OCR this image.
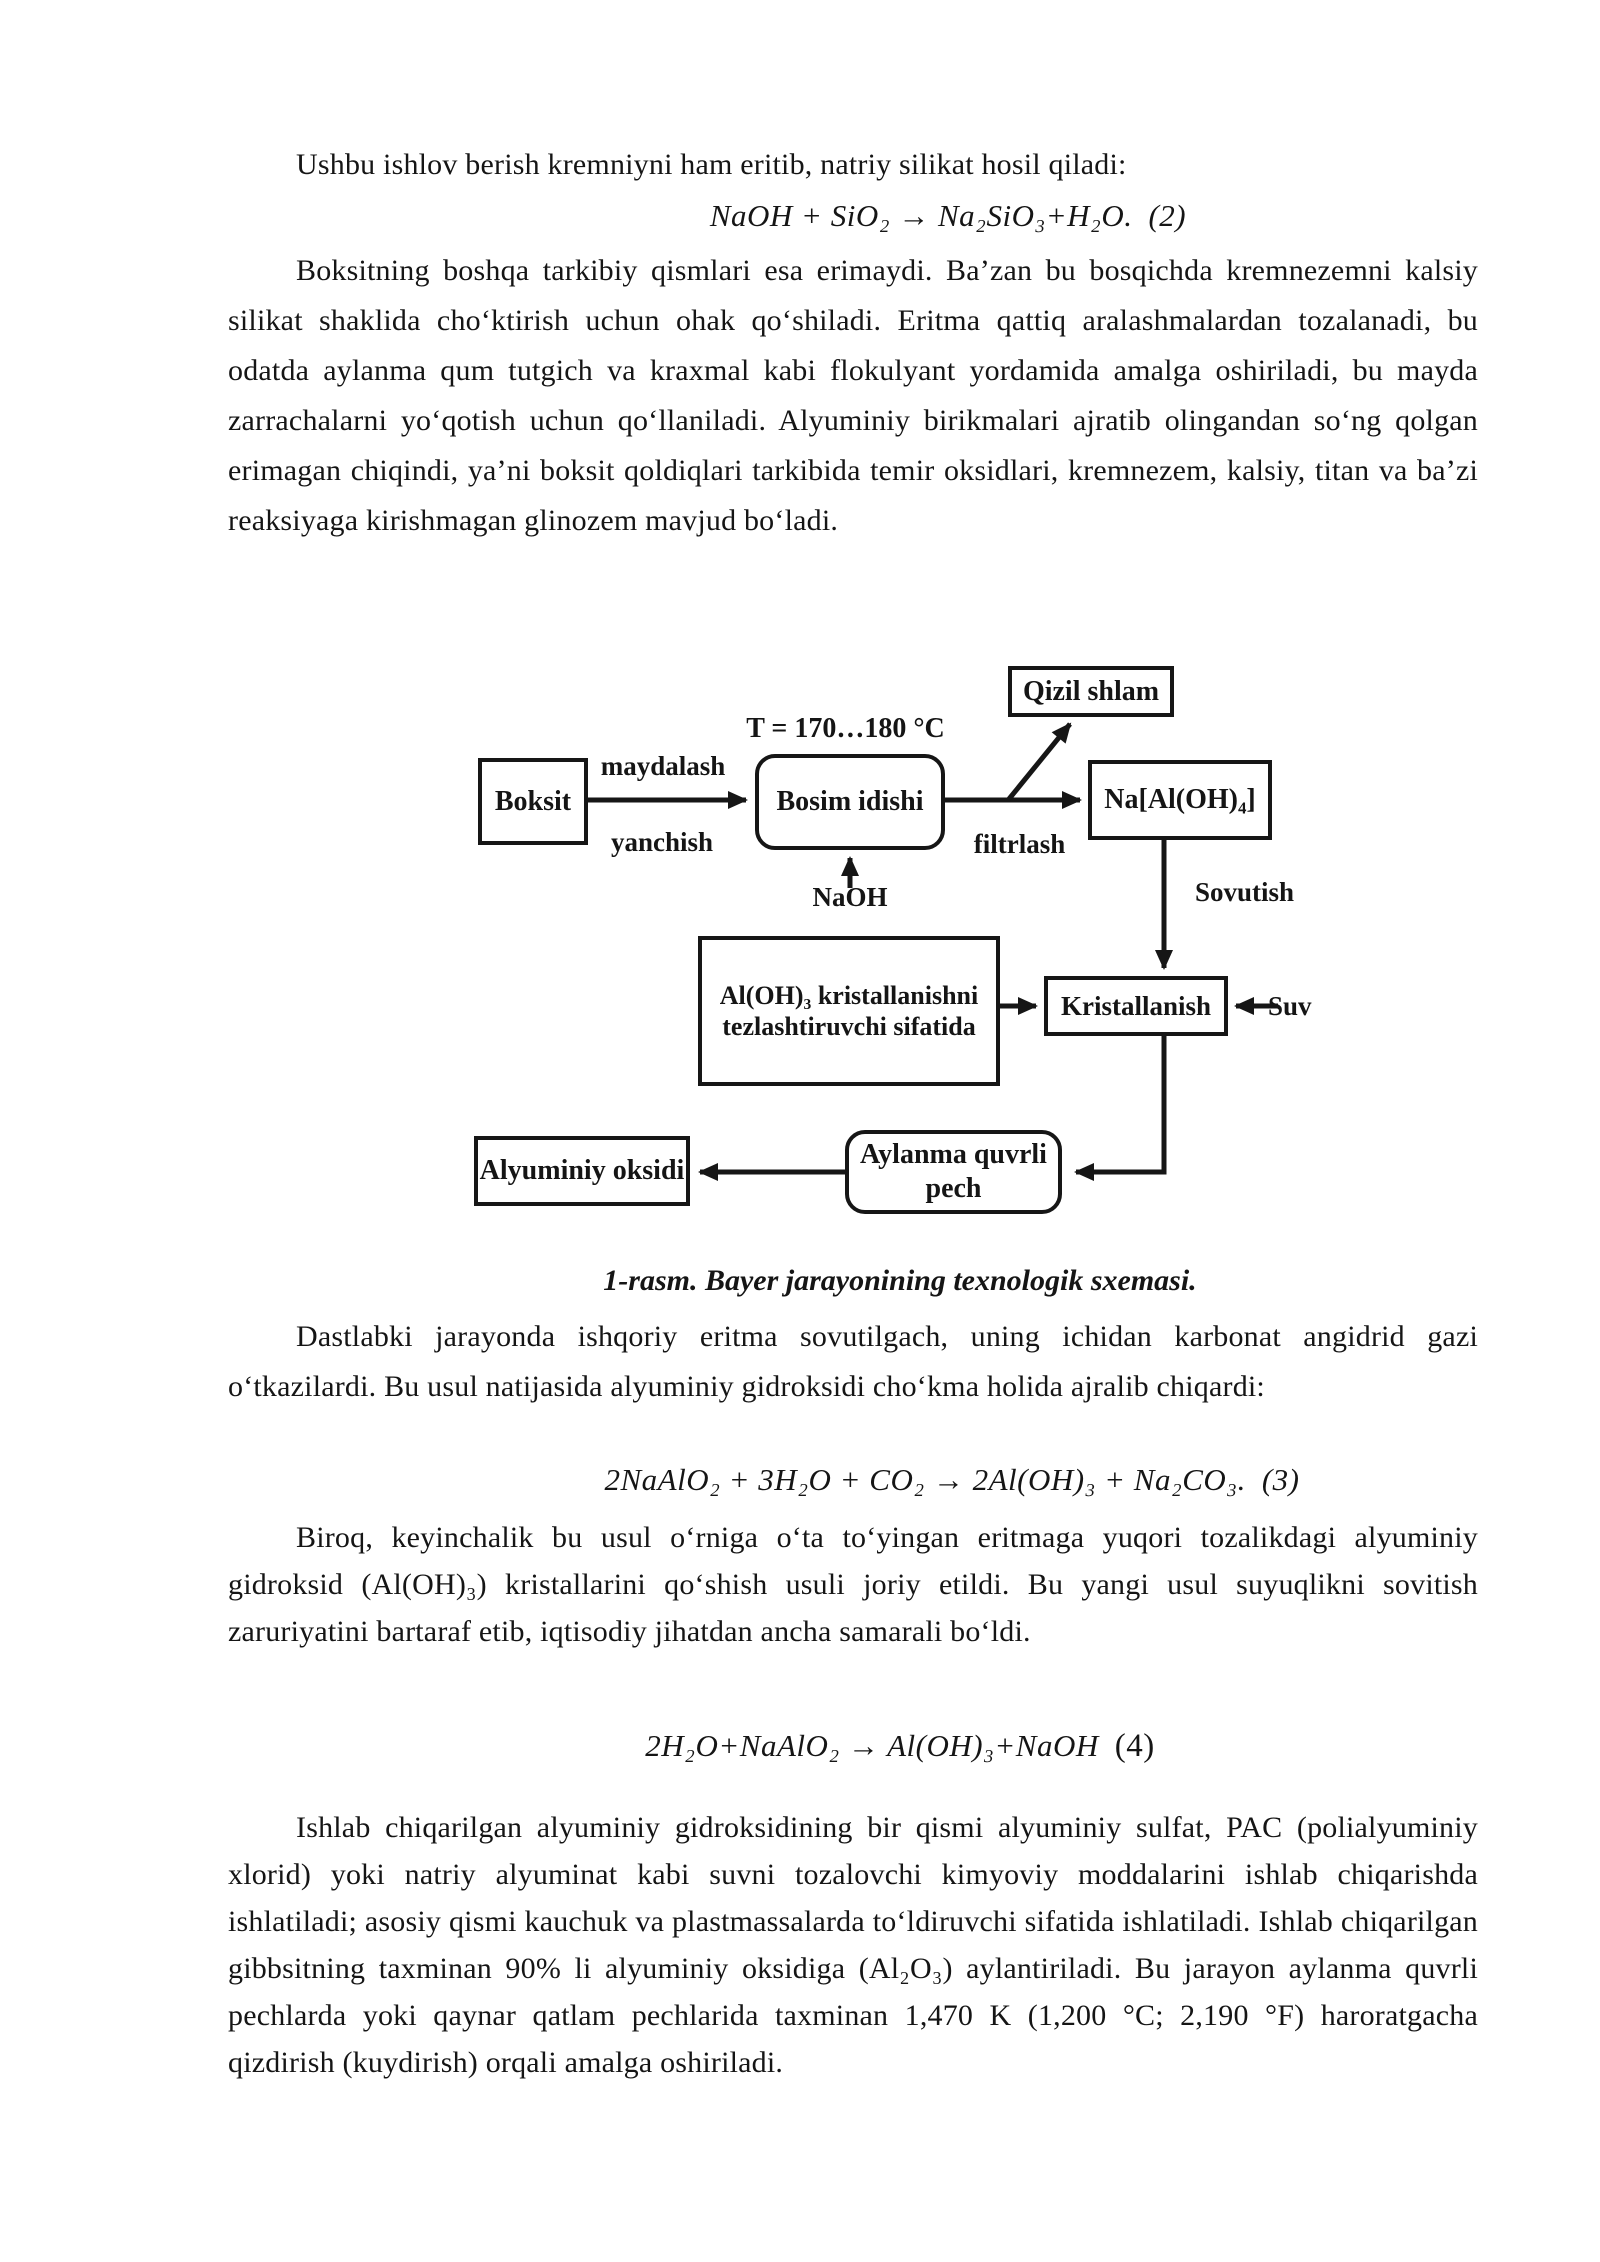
Ushbu ishlov berish kremniyni ham eritib, natriy silikat hosil qiladi:

NaOH + SiO₂ → Na₂SiO₃+H₂O. (2)

Boksitning boshqa tarkibiy qismlari esa erimaydi. Ba’zan bu bosqichda kremnezemni kalsiy silikat shaklida cho‘ktirish uchun ohak qo‘shiladi. Eritma qattiq aralashmalardan tozalanadi, bu odatda aylanma qum tutgich va kraxmal kabi flokulyant yordamida amalga oshiriladi, bu mayda zarrachalarni yo‘qotish uchun qo‘llaniladi. Alyuminiy birikmalari ajratib olingandan so‘ng qolgan erimagan chiqindi, ya’ni boksit qoldiqlari tarkibida temir oksidlari, kremnezem, kalsiy, titan va ba’zi reaksiyaga kirishmagan glinozem mavjud bo‘ladi.

Boksit	Bosim idishi
Qizil shlam
Na[Al(OH)₄]
Al(OH)₃ kristallanishni tezlashtiruvchi sifatida
Kristallanish
Aylanma quvrli pech
Alyuminiy oksidi
T = 170…180 °C
maydalash
yanchish
NaOH
filtrlash
Sovutish
Suv

1-rasm. Bayer jarayonining texnologik sxemasi.

Dastlabki jarayonda ishqoriy eritma sovutilgach, uning ichidan karbonat angidrid gazi o‘tkazilardi. Bu usul natijasida alyuminiy gidroksidi cho‘kma holida ajralib chiqardi:

2NaAlO₂ + 3H₂O + CO₂ → 2Al(OH)₃ + Na₂CO₃. (3)

Biroq, keyinchalik bu usul o‘rniga o‘ta to‘yingan eritmaga yuqori tozalikdagi alyuminiy gidroksid (Al(OH)₃) kristallarini qo‘shish usuli joriy etildi. Bu yangi usul suyuqlikni sovitish zaruriyatini bartaraf etib, iqtisodiy jihatdan ancha samarali bo‘ldi.

2H₂O+NaAlO₂ → Al(OH)₃+NaOH (4)

Ishlab chiqarilgan alyuminiy gidroksidining bir qismi alyuminiy sulfat, PAC (polialyuminiy xlorid) yoki natriy alyuminat kabi suvni tozalovchi kimyoviy moddalarini ishlab chiqarishda ishlatiladi; asosiy qismi kauchuk va plastmassalarda to‘ldiruvchi sifatida ishlatiladi. Ishlab chiqarilgan gibbsitning taxminan 90% li alyuminiy oksidiga (Al₂O₃) aylantiriladi. Bu jarayon aylanma quvrli pechlarda yoki qaynar qatlam pechlarida taxminan 1,470 K (1,200 °C; 2,190 °F) haroratgacha qizdirish (kuydirish) orqali amalga oshiriladi.
